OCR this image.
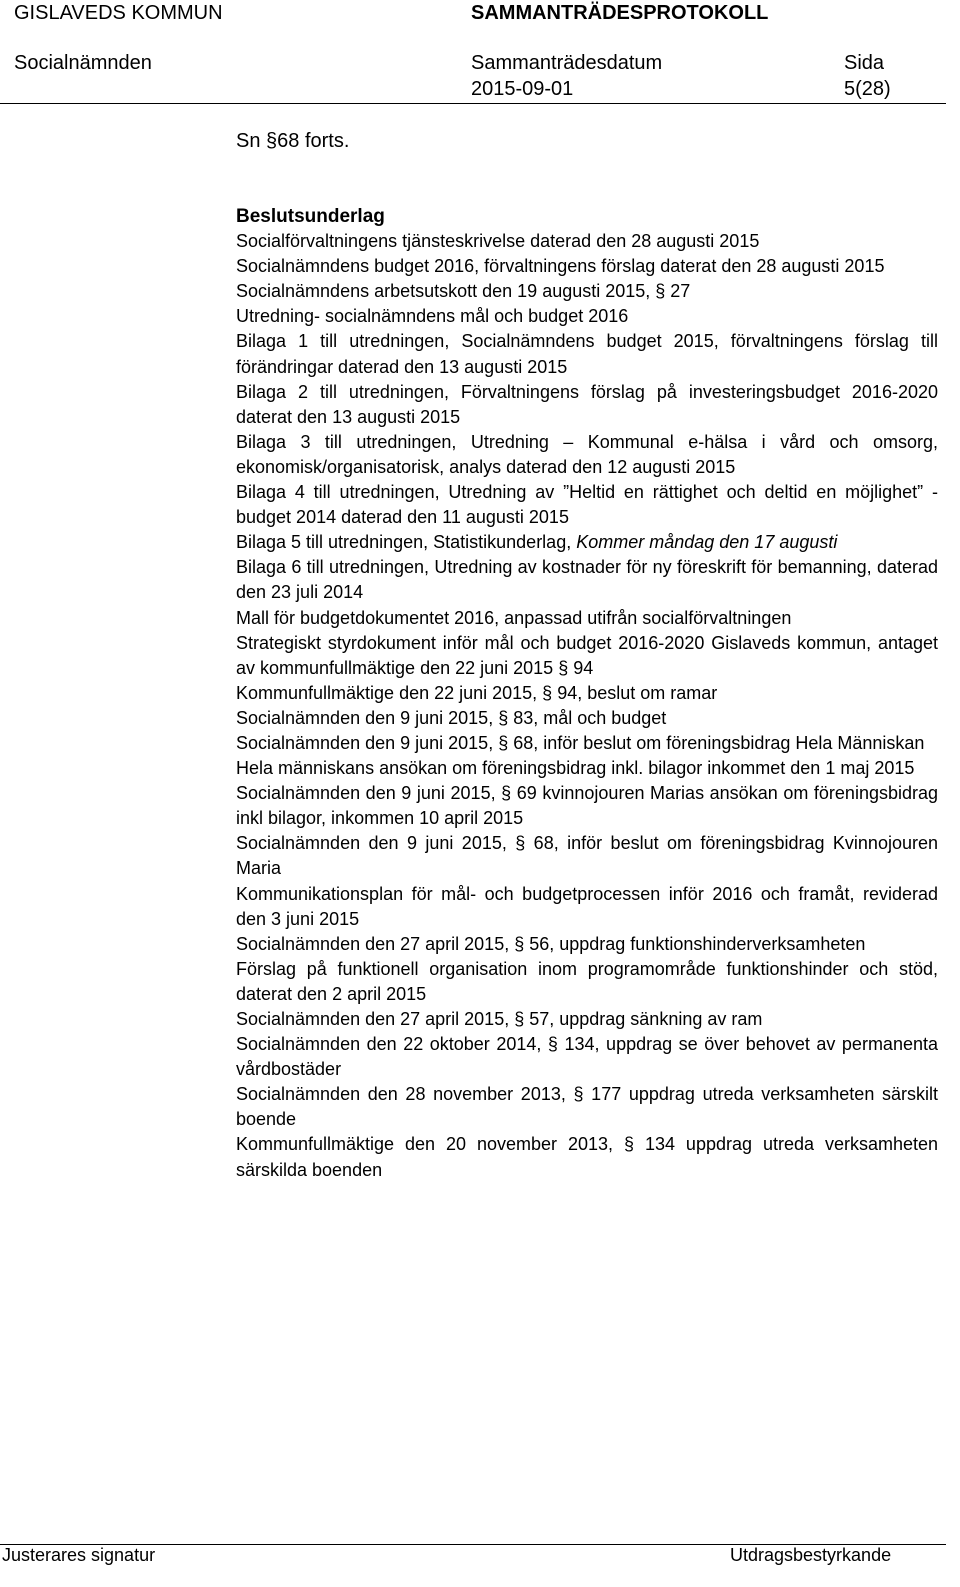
GISLAVEDS KOMMUN	SAMMANTRÄDESPROTOKOLL
Socialnämnden	Sammanträdesdatum	Sida
2015-09-01	5(28)
Sn §68 forts.
Beslutsunderlag

Socialförvaltningens tjänsteskrivelse daterad den 28 augusti 2015

Socialnämndens budget 2016, förvaltningens förslag daterat den 28 augusti 2015

Socialnämndens arbetsutskott den 19 augusti 2015, § 27

Utredning- socialnämndens mål och budget 2016

Bilaga 1 till utredningen, Socialnämndens budget 2015, förvaltningens förslag till förändringar daterad den 13 augusti 2015

Bilaga 2 till utredningen, Förvaltningens förslag på investeringsbudget 2016-2020 daterat den 13 augusti 2015

Bilaga 3 till utredningen, Utredning – Kommunal e-hälsa i vård och omsorg, ekonomisk/organisatorisk, analys daterad den 12 augusti 2015

Bilaga 4 till utredningen, Utredning av ”Heltid en rättighet och deltid en möjlighet” - budget 2014 daterad den 11 augusti 2015

Bilaga 5 till utredningen, Statistikunderlag, Kommer måndag den 17 augusti

Bilaga 6 till utredningen, Utredning av kostnader för ny föreskrift för bemanning, daterad den 23 juli 2014

Mall för budgetdokumentet 2016, anpassad utifrån socialförvaltningen

Strategiskt styrdokument inför mål och budget 2016-2020 Gislaveds kommun, antaget av kommunfullmäktige den 22 juni 2015 § 94

Kommunfullmäktige den 22 juni 2015, § 94, beslut om ramar

Socialnämnden den 9 juni 2015, § 83, mål och budget

Socialnämnden den 9 juni 2015, § 68, inför beslut om föreningsbidrag Hela Människan

Hela människans ansökan om föreningsbidrag inkl. bilagor inkommet den 1 maj 2015

Socialnämnden den 9 juni 2015, § 69 kvinnojouren Marias ansökan om föreningsbidrag inkl bilagor, inkommen 10 april 2015

Socialnämnden den 9 juni 2015, § 68, inför beslut om föreningsbidrag Kvinnojouren Maria

Kommunikationsplan för mål- och budgetprocessen inför 2016 och framåt, reviderad den 3 juni 2015

Socialnämnden den 27 april 2015, § 56, uppdrag funktionshinderverksamheten

Förslag på funktionell organisation inom programområde funktionshinder och stöd, daterat den 2 april 2015

Socialnämnden den 27 april 2015, § 57, uppdrag sänkning av ram

Socialnämnden den 22 oktober 2014, § 134, uppdrag se över behovet av permanenta vårdbostäder

Socialnämnden den 28 november 2013, § 177 uppdrag utreda verksamheten särskilt boende

Kommunfullmäktige den 20 november 2013, § 134 uppdrag utreda verksamheten särskilda boenden

Justerares signatur	Utdragsbestyrkande
